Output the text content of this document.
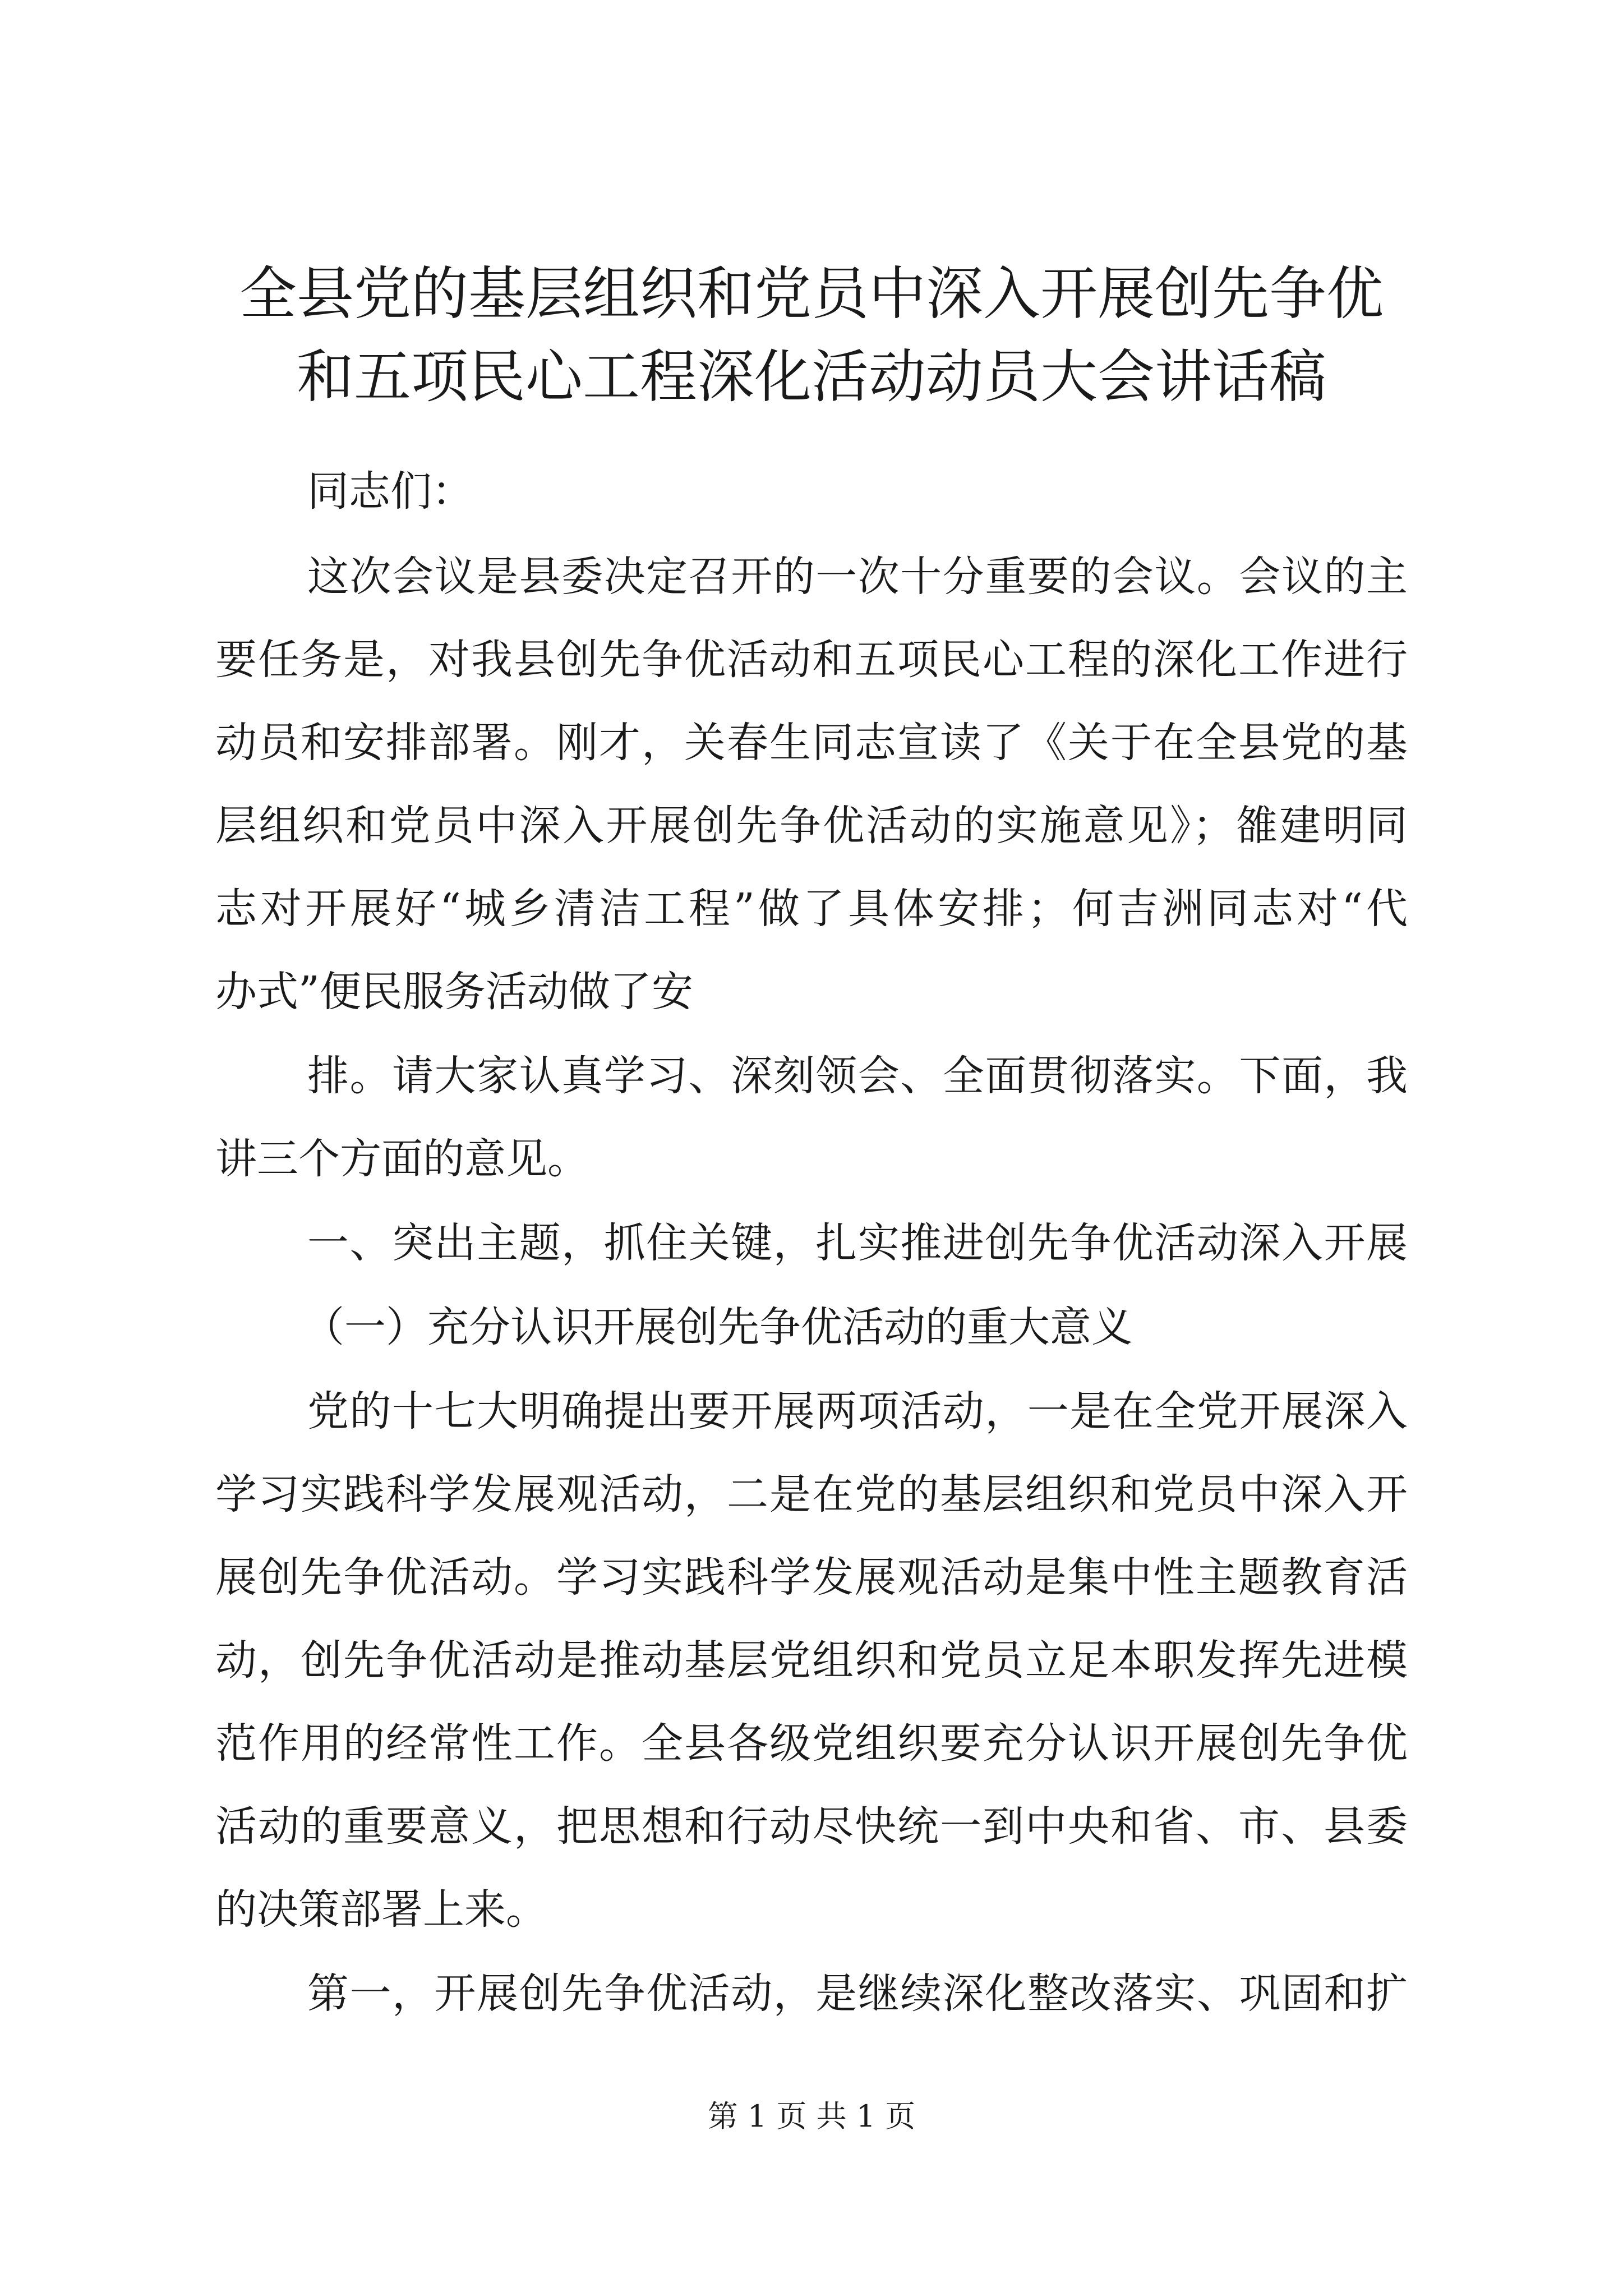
全县党的基层组织和党员中深入开展创先争优
和五项民心工程深化活动动员大会讲话稿
同志们：
这次会议是县委决定召开的一次十分重要的会议。会议的主
要任务是，对我县创先争优活动和五项民心工程的深化工作进行
动员和安排部署。刚才，关春生同志宣读了《关于在全县党的基
层组织和党员中深入开展创先争优活动的实施意见》；雒建明同
志对开展好“城乡清洁工程”做了具体安排；何吉洲同志对“代
办式”便民服务活动做了安
排。请大家认真学习、深刻领会、全面贯彻落实。下面，我
讲三个方面的意见。
一、突出主题，抓住关键，扎实推进创先争优活动深入开展
（一）充分认识开展创先争优活动的重大意义
党的十七大明确提出要开展两项活动，一是在全党开展深入
学习实践科学发展观活动，二是在党的基层组织和党员中深入开
展创先争优活动。学习实践科学发展观活动是集中性主题教育活
动，创先争优活动是推动基层党组织和党员立足本职发挥先进模
范作用的经常性工作。全县各级党组织要充分认识开展创先争优
活动的重要意义，把思想和行动尽快统一到中央和省、市、县委
的决策部署上来。
第一，开展创先争优活动，是继续深化整改落实、巩固和扩
第 1 页 共 1 页
